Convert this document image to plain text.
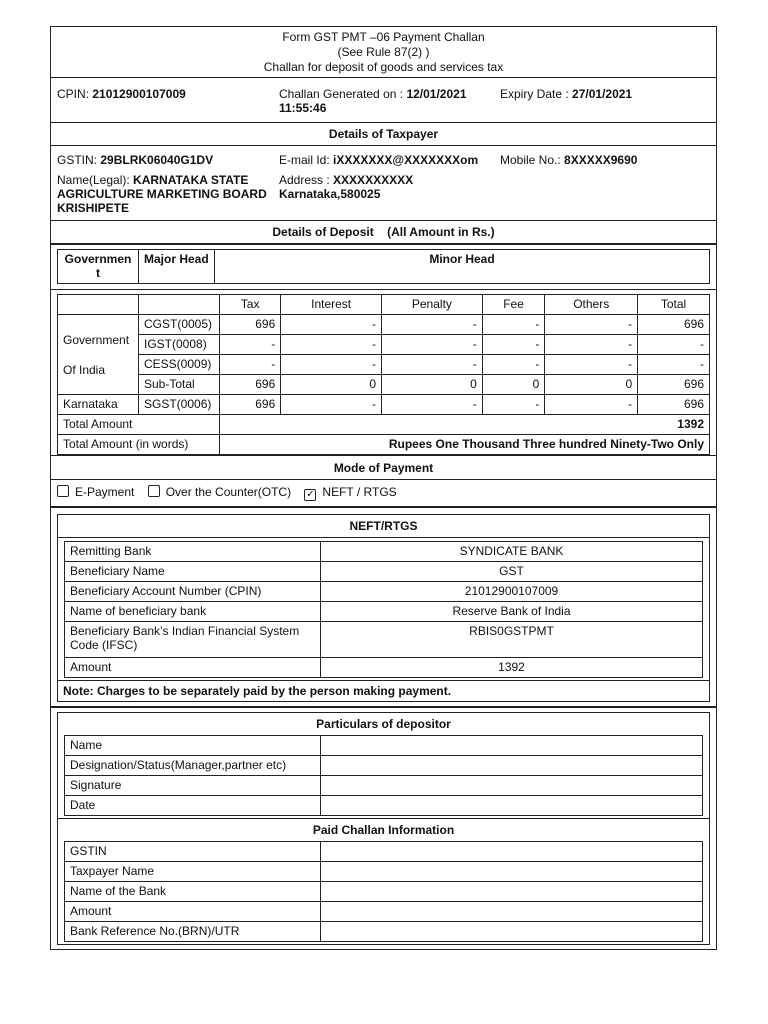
Form GST PMT –06 Payment Challan
(See Rule 87(2) )
Challan for deposit of goods and services tax
CPIN: 21012900107009	Challan Generated on : 12/01/2021
11:55:46
Expiry Date : 27/01/2021
Details of Taxpayer
GSTIN: 29BLRK06040G1DV	E-mail Id: iXXXXXXX@XXXXXXXom Mobile No.: 8XXXXX9690
Name(Legal): KARNATAKA STATE AGRICULTURE MARKETING BOARD KRISHIPETE
Address : XXXXXXXXXX
Karnataka,580025
Details of Deposit (All Amount in Rs.)
Governmen t	Major Head	Minor Head
		Tax	Interest	Penalty	Fee	Others	Total

Government
Of India	CGST(0005)	696	-	-	-	-	696
	IGST(0008)	-	-	-	-	-	-
	CESS(0009)	-	-	-	-	-	-
	Sub-Total	696	0	0	0	0	696
Karnataka	SGST(0006)	696	-	-	-	-	696
Total Amount		1392					
Total Amount (in words)		Rupees One Thousand Three hundred Ninety-Two Only					
Mode of Payment
E-Payment	Over the Counter(OTC) ✓ NEFT / RTGS
NEFT/RTGS
Remitting Bank	SYNDICATE BANK
Beneficiary Name	GST
Beneficiary Account Number (CPIN)	21012900107009
Name of beneficiary bank	Reserve Bank of India
Beneficiary Bank’s Indian Financial System Code (IFSC)	RBIS0GSTPMT
Amount	1392
Note: Charges to be separately paid by the person making payment.
Particulars of depositor
Name	
Designation/Status(Manager,partner etc)	
Signature	
Date	
Paid Challan Information
GSTIN	
Taxpayer Name	
Name of the Bank	
Amount	
Bank Reference No.(BRN)/UTR	
